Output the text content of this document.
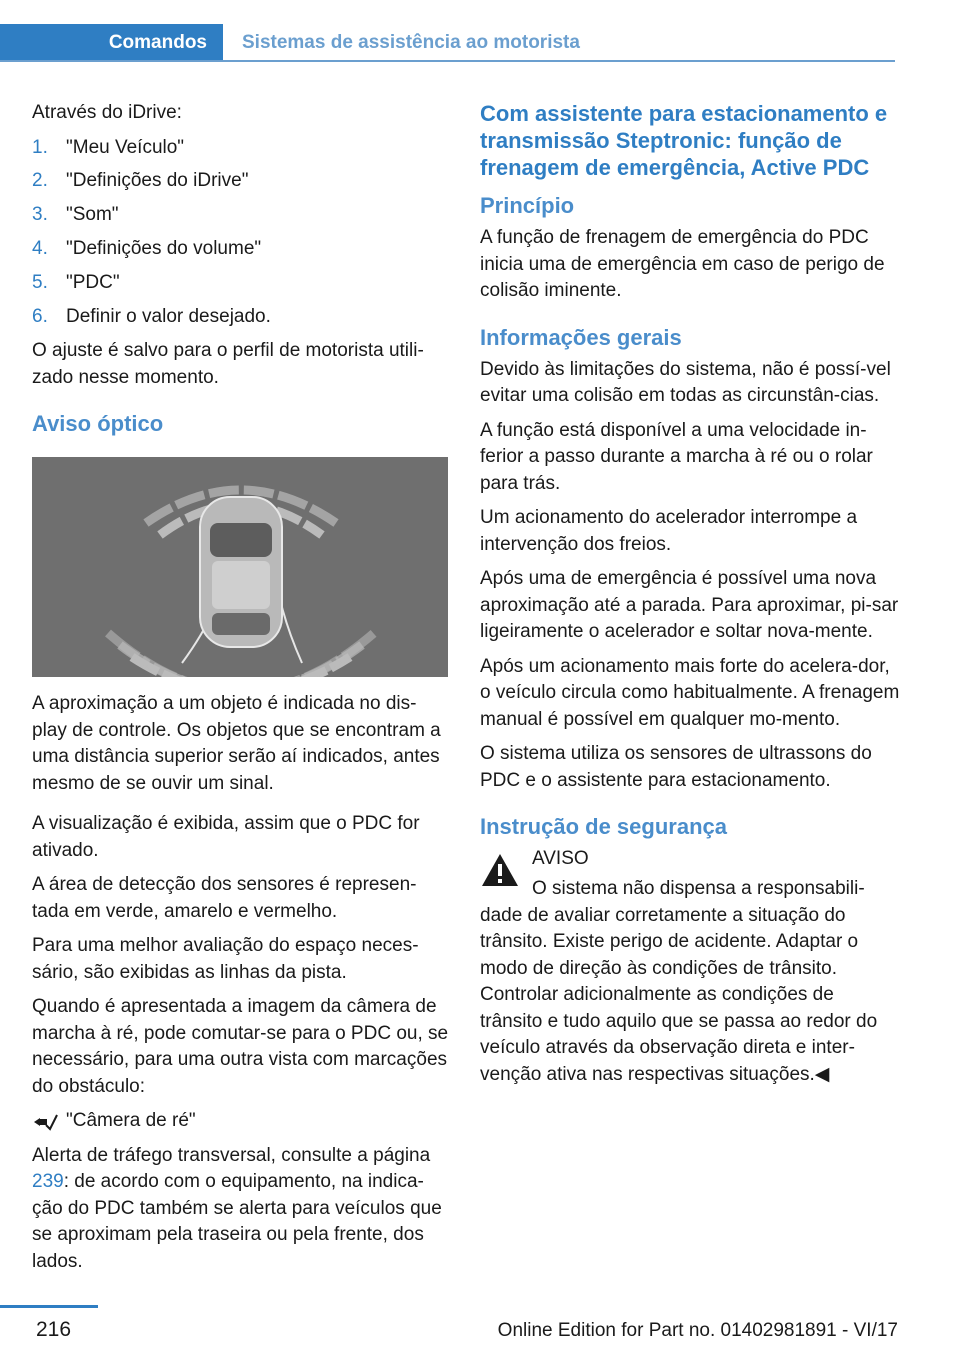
Comandos	Sistemas de assistência ao motorista

Através do iDrive:

1. "Meu Veículo"
2. "Definições do iDrive"
3. "Som"
4. "Definições do volume"
5. "PDC"
6. Definir o valor desejado.

O ajuste é salvo para o perfil de motorista utili‐zado nesse momento.

Aviso óptico

A aproximação a um objeto é indicada no dis‐play de controle. Os objetos que se encontram a uma distância superior serão aí indicados, antes mesmo de se ouvir um sinal.

A visualização é exibida, assim que o PDC for ativado.

A área de detecção dos sensores é represen‐tada em verde, amarelo e vermelho.

Para uma melhor avaliação do espaço neces‐sário, são exibidas as linhas da pista.

Quando é apresentada a imagem da câmera de marcha à ré, pode comutar-se para o PDC ou, se necessário, para uma outra vista com marcações do obstáculo:

"Câmera de ré"

Alerta de tráfego transversal, consulte a página 239: de acordo com o equipamento, na indica‐ção do PDC também se alerta para veículos que se aproximam pela traseira ou pela frente, dos lados.

Com assistente para estacionamento e transmissão Steptronic: função de frenagem de emergência, Active PDC
Princípio

A função de frenagem de emergência do PDC inicia uma de emergência em caso de perigo de colisão iminente.

Informações gerais

Devido às limitações do sistema, não é possí‐vel evitar uma colisão em todas as circunstân‐cias.

A função está disponível a uma velocidade in‐ferior a passo durante a marcha à ré ou o rolar para trás.

Um acionamento do acelerador interrompe a intervenção dos freios.

Após uma de emergência é possível uma nova aproximação até a parada. Para aproximar, pi‐sar ligeiramente o acelerador e soltar nova‐mente.

Após um acionamento mais forte do acelera‐dor, o veículo circula como habitualmente. A frenagem manual é possível em qualquer mo‐mento.

O sistema utiliza os sensores de ultrassons do PDC e o assistente para estacionamento.

Instrução de segurança
AVISO

O sistema não dispensa a responsabili‐dade de avaliar corretamente a situação do trânsito. Existe perigo de acidente. Adaptar o modo de direção às condições de trânsito. Controlar adicionalmente as condições de trânsito e tudo aquilo que se passa ao redor do veículo através da observação direta e inter‐venção ativa nas respectivas situações.◀

216	Online Edition for Part no. 01402981891 - VI/17
